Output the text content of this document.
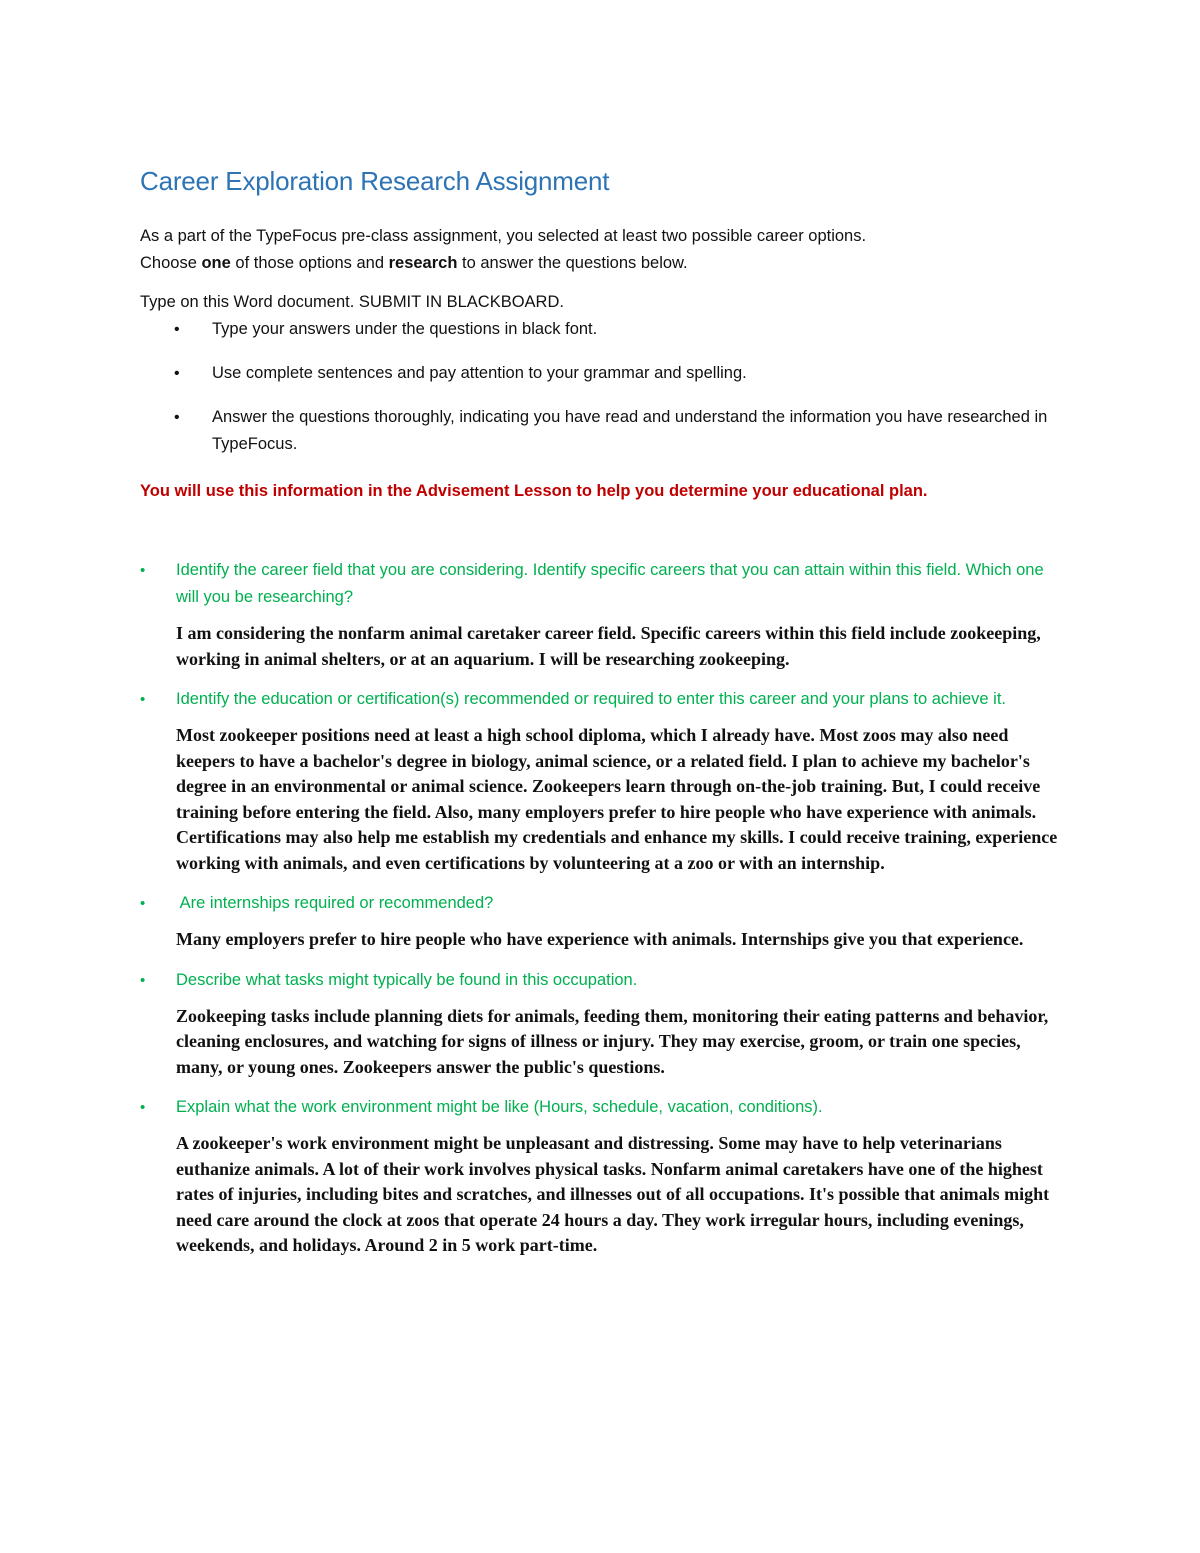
Career Exploration Research Assignment

As a part of the TypeFocus pre-class assignment, you selected at least two possible career options.
Choose one of those options and research to answer the questions below.

Type on this Word document. SUBMIT IN BLACKBOARD.

• Type your answers under the questions in black font.
• Use complete sentences and pay attention to your grammar and spelling.
• Answer the questions thoroughly, indicating you have read and understand the information you have researched in TypeFocus.

You will use this information in the Advisement Lesson to help you determine your educational plan.

• Identify the career field that you are considering. Identify specific careers that you can attain within this field. Which one will you be researching?

I am considering the nonfarm animal caretaker career field. Specific careers within this field include zookeeping, working in animal shelters, or at an aquarium. I will be researching zookeeping.

• Identify the education or certification(s) recommended or required to enter this career and your plans to achieve it.

Most zookeeper positions need at least a high school diploma, which I already have. Most zoos may also need keepers to have a bachelor's degree in biology, animal science, or a related field. I plan to achieve my bachelor's degree in an environmental or animal science. Zookeepers learn through on-the-job training. But, I could receive training before entering the field. Also, many employers prefer to hire people who have experience with animals. Certifications may also help me establish my credentials and enhance my skills. I could receive training, experience working with animals, and even certifications by volunteering at a zoo or with an internship.

• Are internships required or recommended?

Many employers prefer to hire people who have experience with animals. Internships give you that experience.

• Describe what tasks might typically be found in this occupation.

Zookeeping tasks include planning diets for animals, feeding them, monitoring their eating patterns and behavior, cleaning enclosures, and watching for signs of illness or injury. They may exercise, groom, or train one species, many, or young ones. Zookeepers answer the public's questions.

• Explain what the work environment might be like (Hours, schedule, vacation, conditions).

A zookeeper's work environment might be unpleasant and distressing. Some may have to help veterinarians euthanize animals. A lot of their work involves physical tasks. Nonfarm animal caretakers have one of the highest rates of injuries, including bites and scratches, and illnesses out of all occupations. It's possible that animals might need care around the clock at zoos that operate 24 hours a day. They work irregular hours, including evenings, weekends, and holidays. Around 2 in 5 work part-time.
